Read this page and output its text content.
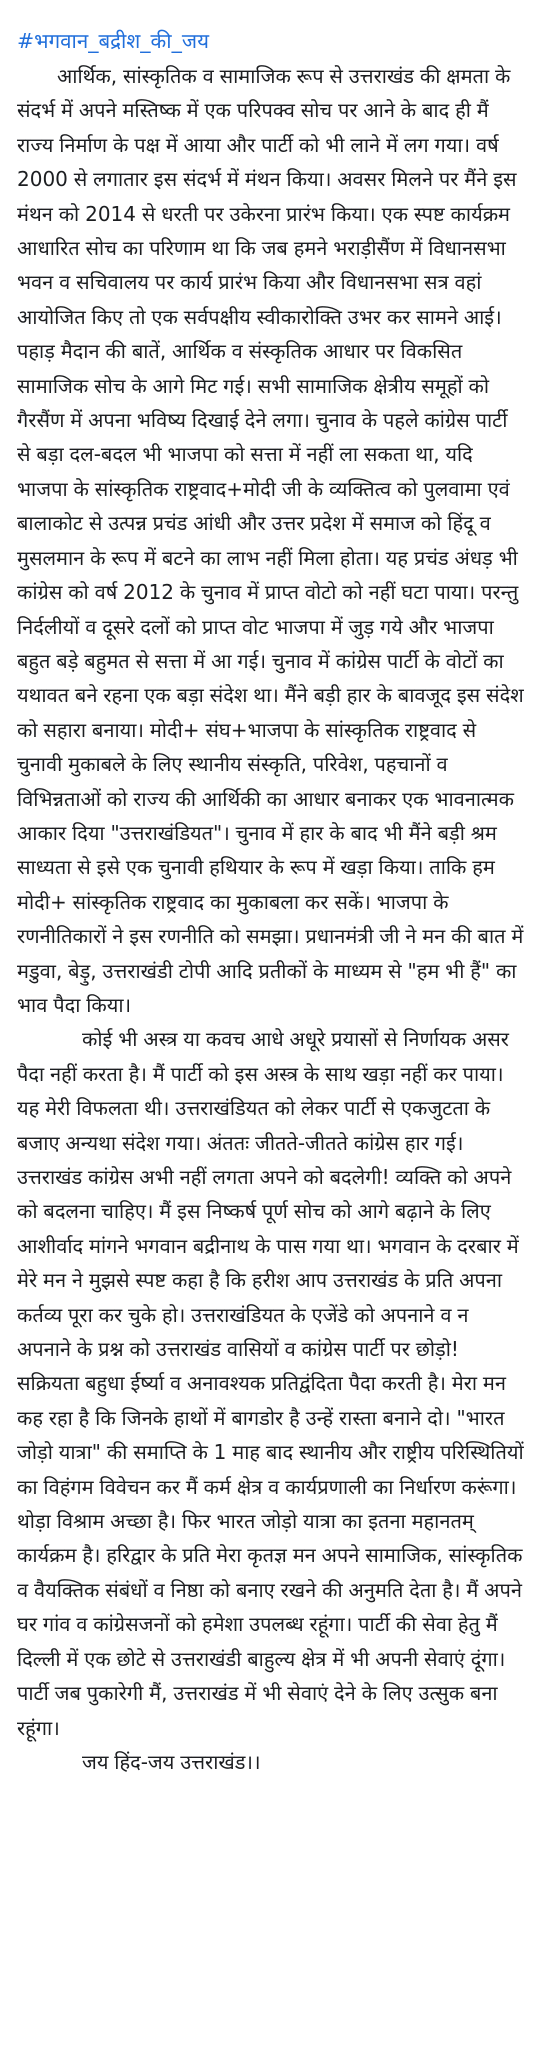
#भगवान_बद्रीश_की_जय

आर्थिक, सांस्कृतिक व सामाजिक रूप से उत्तराखंड की क्षमता के संदर्भ में अपने मस्तिष्क में एक परिपक्व सोच पर आने के बाद ही मैं राज्य निर्माण के पक्ष में आया और पार्टी को भी लाने में लग गया। वर्ष 2000 से लगातार इस संदर्भ में मंथन किया। अवसर मिलने पर मैंने इस मंथन को 2014 से धरती पर उकेरना प्रारंभ किया। एक स्पष्ट कार्यक्रम आधारित सोच का परिणाम था कि जब हमने भराड़ीसैंण में विधानसभा भवन व सचिवालय पर कार्य प्रारंभ किया और विधानसभा सत्र वहां आयोजित किए तो एक सर्वपक्षीय स्वीकारोक्ति उभर कर सामने आई। पहाड़ मैदान की बातें, आर्थिक व संस्कृतिक आधार पर विकसित सामाजिक सोच के आगे मिट गई। सभी सामाजिक क्षेत्रीय समूहों को गैरसैंण में अपना भविष्य दिखाई देने लगा। चुनाव के पहले कांग्रेस पार्टी से बड़ा दल-बदल भी भाजपा को सत्ता में नहीं ला सकता था, यदि भाजपा के सांस्कृतिक राष्ट्रवाद+मोदी जी के व्यक्तित्व को पुलवामा एवं बालाकोट से उत्पन्न प्रचंड आंधी और उत्तर प्रदेश में समाज को हिंदू व मुसलमान के रूप में बटने का लाभ नहीं मिला होता। यह प्रचंड अंधड़ भी कांग्रेस को वर्ष 2012 के चुनाव में प्राप्त वोटो को नहीं घटा पाया। परन्तु निर्दलीयों व दूसरे दलों को प्राप्त वोट भाजपा में जुड़ गये और भाजपा बहुत बड़े बहुमत से सत्ता में आ गई। चुनाव में कांग्रेस पार्टी के वोटों का यथावत बने रहना एक बड़ा संदेश था। मैंने बड़ी हार के बावजूद इस संदेश को सहारा बनाया। मोदी+ संघ+भाजपा के सांस्कृतिक राष्ट्रवाद से चुनावी मुकाबले के लिए स्थानीय संस्कृति, परिवेश, पहचानों व विभिन्नताओं को राज्य की आर्थिकी का आधार बनाकर एक भावनात्मक आकार दिया "उत्तराखंडियत"। चुनाव में हार के बाद भी मैंने बड़ी श्रम साध्यता से इसे एक चुनावी हथियार के रूप में खड़ा किया। ताकि हम मोदी+ सांस्कृतिक राष्ट्रवाद का मुकाबला कर सकें। भाजपा के रणनीतिकारों ने इस रणनीति को समझा। प्रधानमंत्री जी ने मन की बात में मडुवा, बेड़ु, उत्तराखंडी टोपी आदि प्रतीकों के माध्यम से "हम भी हैं" का भाव पैदा किया।

कोई भी अस्त्र या कवच आधे अधूरे प्रयासों से निर्णायक असर पैदा नहीं करता है। मैं पार्टी को इस अस्त्र के साथ खड़ा नहीं कर पाया। यह मेरी विफलता थी। उत्तराखंडियत को लेकर पार्टी से एकजुटता के बजाए अन्यथा संदेश गया। अंततः जीतते-जीतते कांग्रेस हार गई। उत्तराखंड कांग्रेस अभी नहीं लगता अपने को बदलेगी! व्यक्ति को अपने को बदलना चाहिए। मैं इस निष्कर्ष पूर्ण सोच को आगे बढ़ाने के लिए आशीर्वाद मांगने भगवान बद्रीनाथ के पास गया था। भगवान के दरबार में मेरे मन ने मुझसे स्पष्ट कहा है कि हरीश आप उत्तराखंड के प्रति अपना कर्तव्य पूरा कर चुके हो। उत्तराखंडियत के एजेंडे को अपनाने व न अपनाने के प्रश्न को उत्तराखंड वासियों व कांग्रेस पार्टी पर छोड़ो! सक्रियता बहुधा ईर्ष्या व अनावश्यक प्रतिद्वंदिता पैदा करती है। मेरा मन कह रहा है कि जिनके हाथों में बागडोर है उन्हें रास्ता बनाने दो। "भारत जोड़ो यात्रा" की समाप्ति के 1 माह बाद स्थानीय और राष्ट्रीय परिस्थितियों का विहंगम विवेचन कर मैं कर्म क्षेत्र व कार्यप्रणाली का निर्धारण करूंगा। थोड़ा विश्राम अच्छा है। फिर भारत जोड़ो यात्रा का इतना महानतम् कार्यक्रम है। हरिद्वार के प्रति मेरा कृतज्ञ मन अपने सामाजिक, सांस्कृतिक व वैयक्तिक संबंधों व निष्ठा को बनाए रखने की अनुमति देता है। मैं अपने घर गांव व कांग्रेसजनों को हमेशा उपलब्ध रहूंगा। पार्टी की सेवा हेतु मैं दिल्ली में एक छोटे से उत्तराखंडी बाहुल्य क्षेत्र में भी अपनी सेवाएं दूंगा। पार्टी जब पुकारेगी मैं, उत्तराखंड में भी सेवाएं देने के लिए उत्सुक बना रहूंगा।

जय हिंद-जय उत्तराखंड।।
